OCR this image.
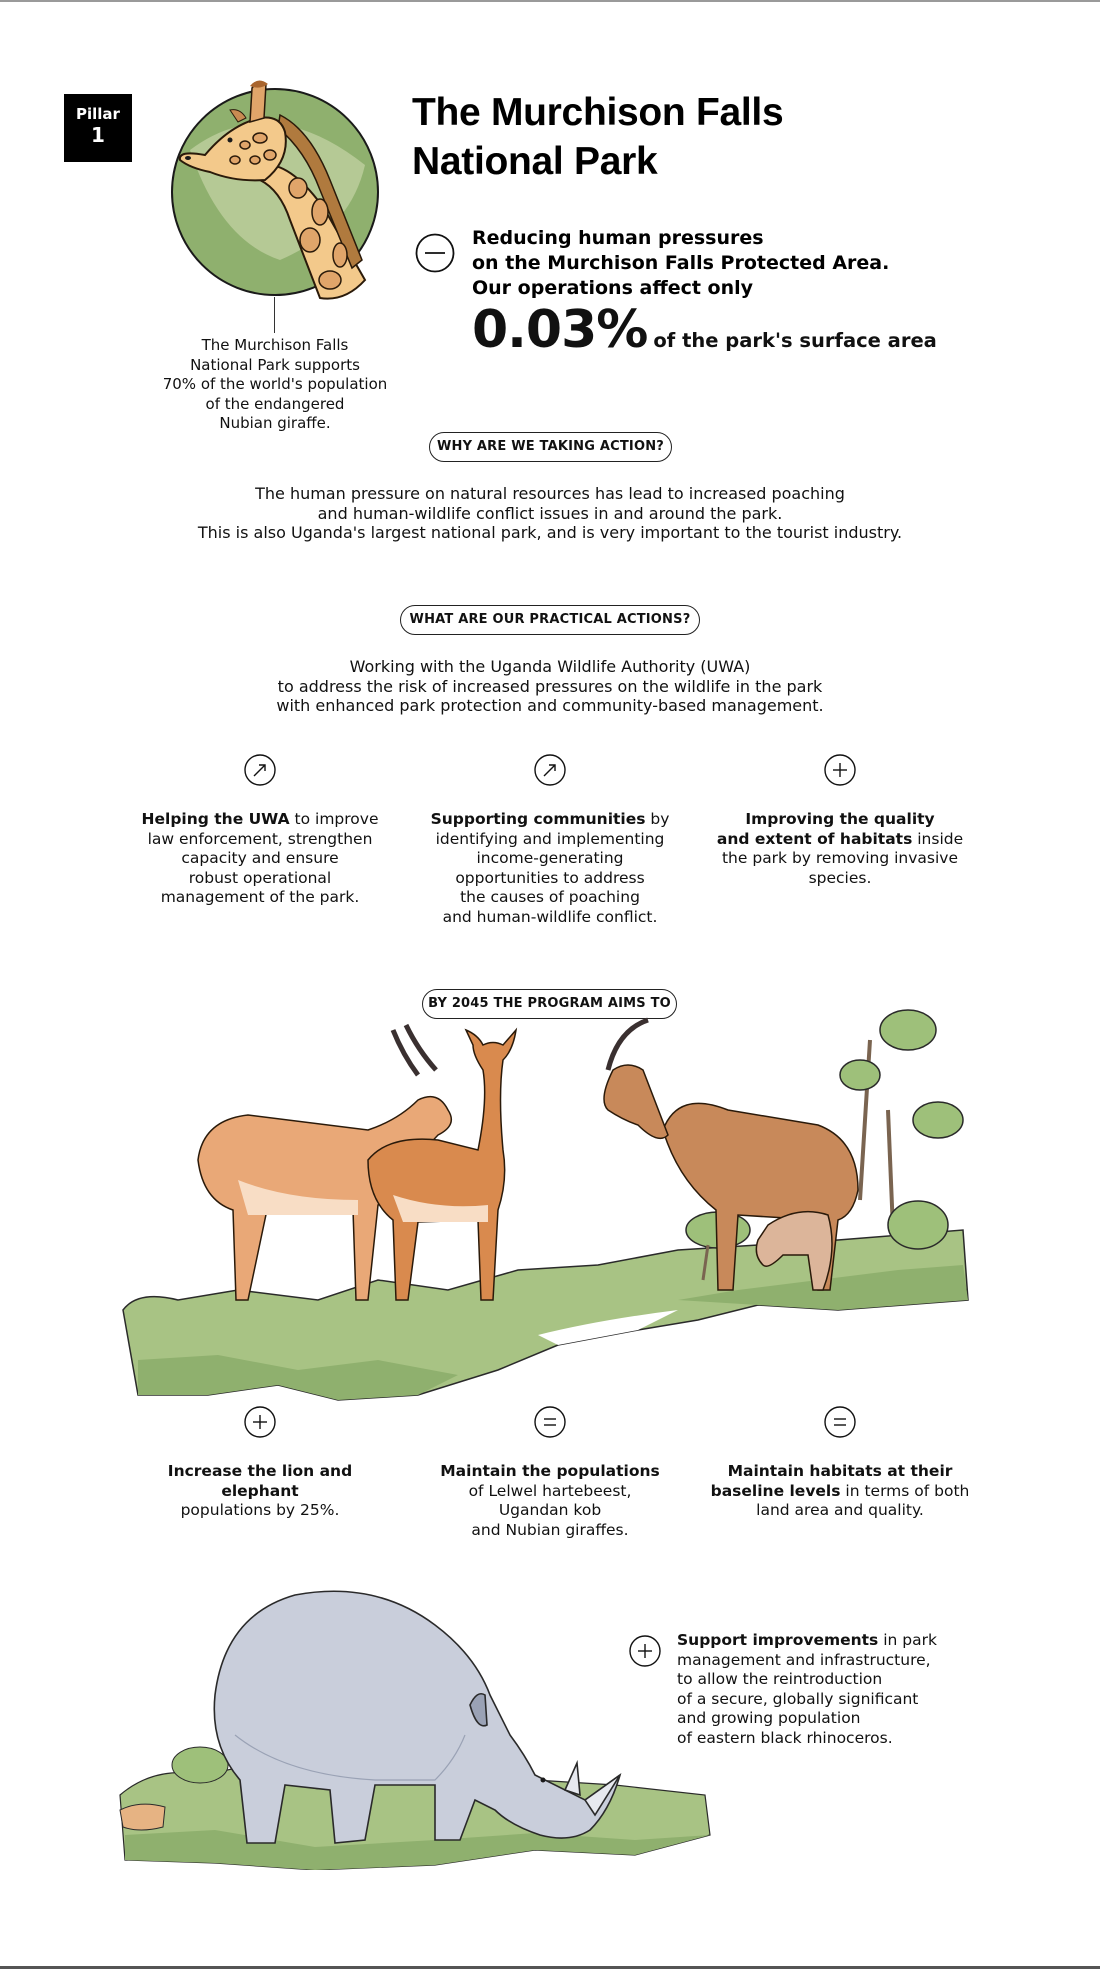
Pillar
1
The Murchison Falls
National Park supports
70% of the world's population
of the endangered
Nubian giraffe.
The Murchison Falls
National Park
Reducing human pressures
on the Murchison Falls Protected Area.
Our operations affect only
0.03% of the park's surface area
WHY ARE WE TAKING ACTION?
The human pressure on natural resources has lead to increased poaching
and human-wildlife conflict issues in and around the park.
This is also Uganda's largest national park, and is very important to the tourist industry.
WHAT ARE OUR PRACTICAL ACTIONS?
Working with the Uganda Wildlife Authority (UWA)
to address the risk of increased pressures on the wildlife in the park
with enhanced park protection and community-based management.
Helping the UWA to improve
law enforcement, strengthen
capacity and ensure
robust operational
management of the park.
Supporting communities by
identifying and implementing
income-generating
opportunities to address
the causes of poaching
and human-wildlife conflict.
Improving the quality
and extent of habitats inside
the park by removing invasive
species.
BY 2045 THE PROGRAM AIMS TO
Increase the lion and elephant
populations by 25%.
Maintain the populations
of Lelwel hartebeest,
Ugandan kob
and Nubian giraffes.
Maintain habitats at their
baseline levels in terms of both
land area and quality.
Support improvements in park
management and infrastructure,
to allow the reintroduction
of a secure, globally significant
and growing population
of eastern black rhinoceros.
